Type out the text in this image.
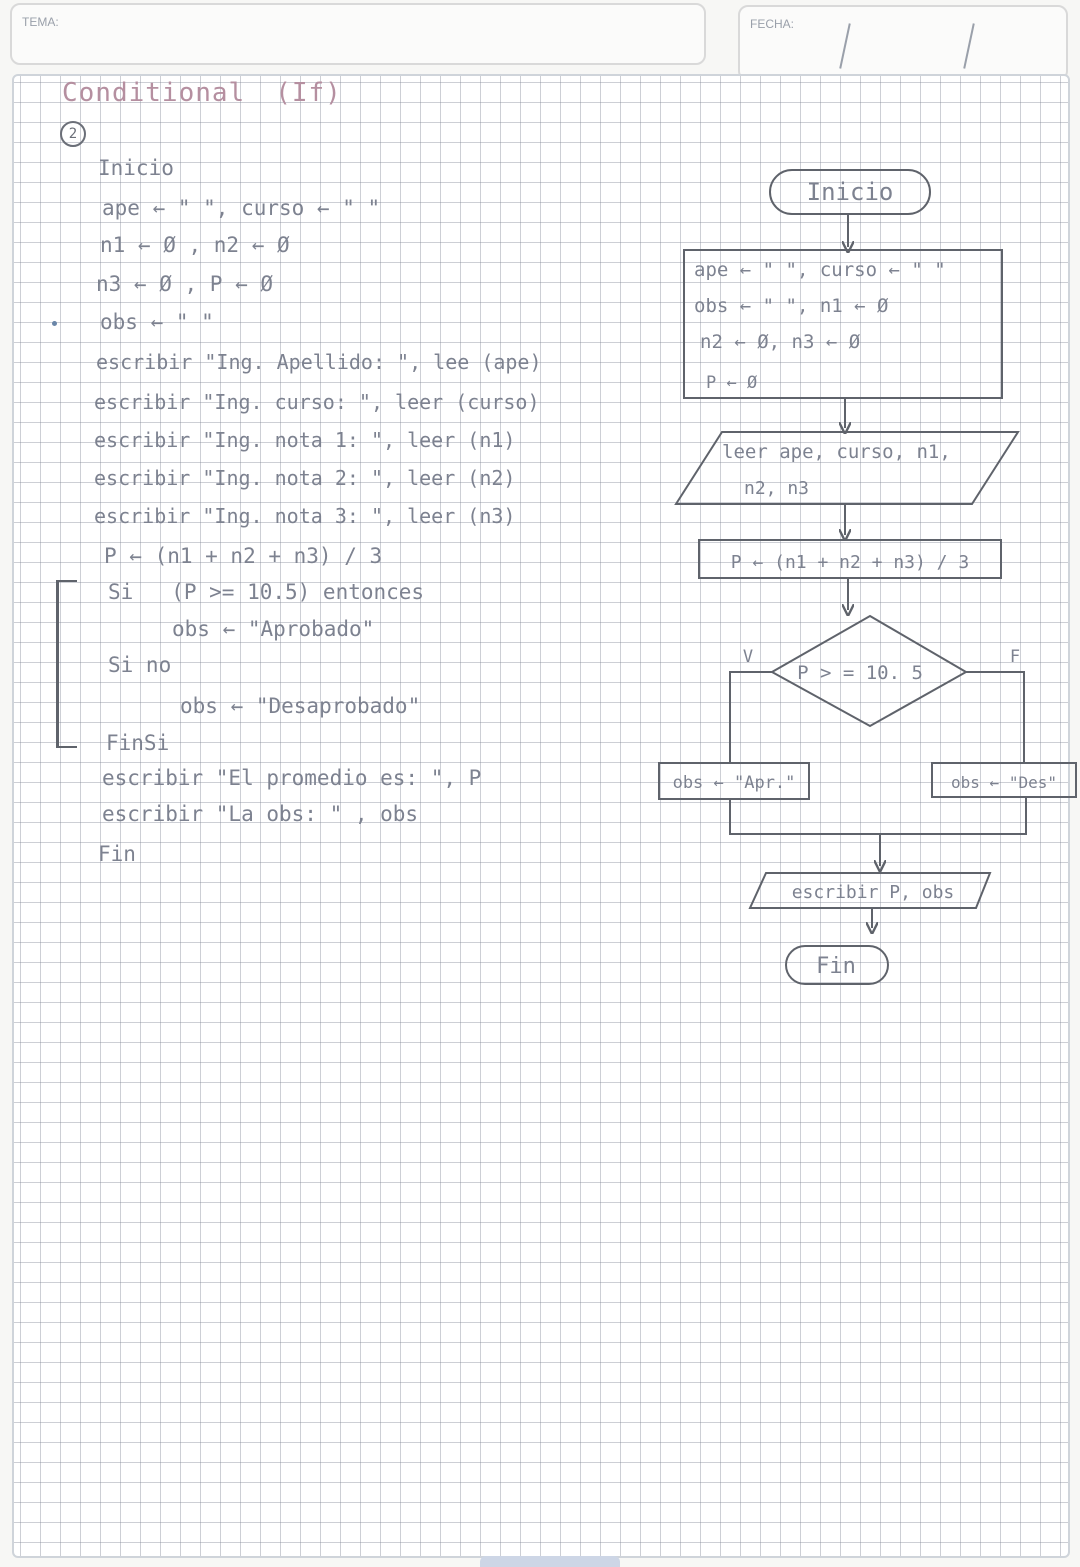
TEMA:	FECHA:
Conditional (If)
2
Inicio
ape ← " ", curso ← " "
n1 ← Ø , n2 ← Ø
n3 ← Ø , P ← Ø
obs ← " "
escribir "Ing. Apellido: ", lee (ape)
escribir "Ing. curso: ", leer (curso)
escribir "Ing. nota 1: ", leer (n1)
escribir "Ing. nota 2: ", leer (n2)
escribir "Ing. nota 3: ", leer (n3)
P ← (n1 + n2 + n3) / 3
Si   (P >= 10.5) entonces
obs ← "Aprobado"
Si no
obs ← "Desaprobado"
FinSi
escribir "El promedio es: ", P
escribir "La obs: " , obs
Fin
Inicio
ape ← " ", curso ← " "
obs ← " ", n1 ← Ø
n2 ← Ø, n3 ← Ø
P ← Ø
leer ape, curso, n1,
n2, n3
P ← (n1 + n2 + n3) / 3
P > = 10. 5
V	F
obs ← "Apr."	obs ← "Des"
escribir P, obs
Fin
